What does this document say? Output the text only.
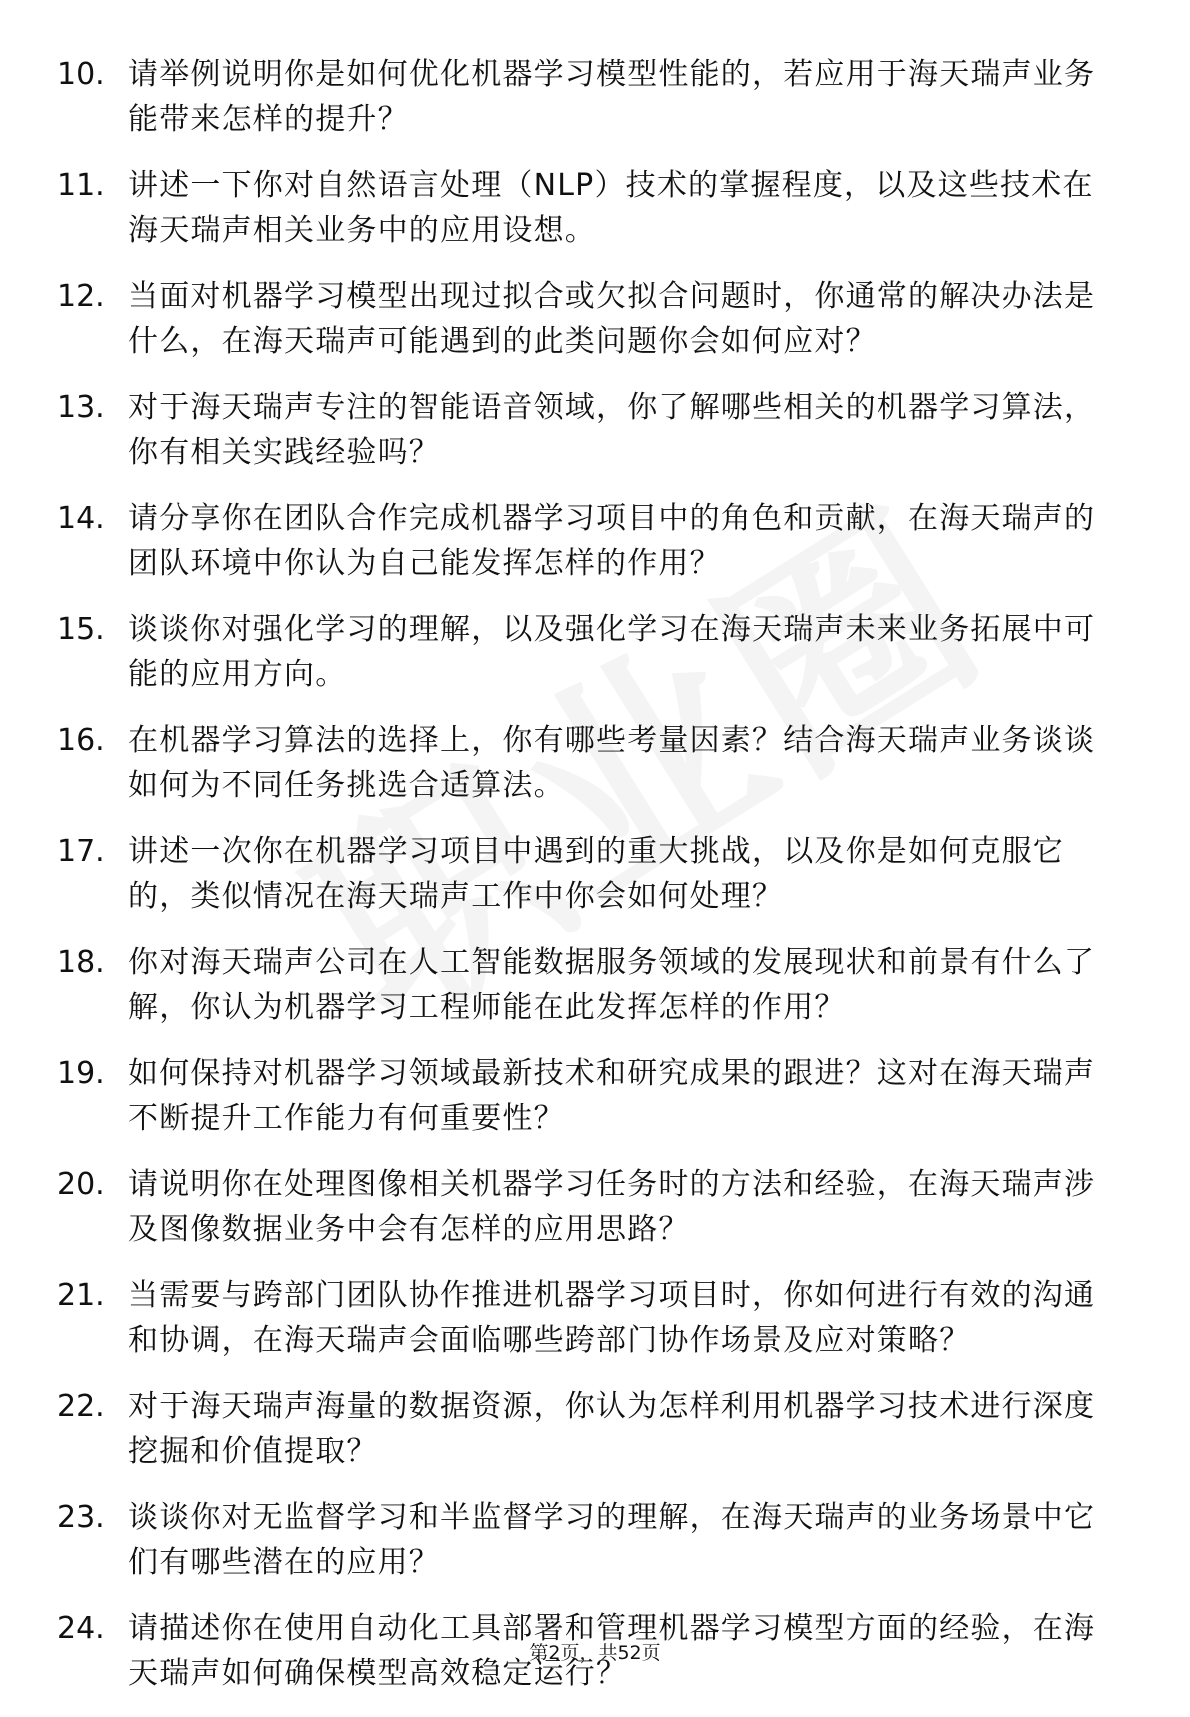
10. 请举例说明你是如何优化机器学习模型性能的，若应用于海天瑞声业务能带来怎样的提升？
11. 讲述一下你对自然语言处理（NLP）技术的掌握程度，以及这些技术在海天瑞声相关业务中的应用设想。
12. 当面对机器学习模型出现过拟合或欠拟合问题时，你通常的解决办法是什么，在海天瑞声可能遇到的此类问题你会如何应对？
13. 对于海天瑞声专注的智能语音领域，你了解哪些相关的机器学习算法，你有相关实践经验吗？
14. 请分享你在团队合作完成机器学习项目中的角色和贡献，在海天瑞声的团队环境中你认为自己能发挥怎样的作用？
15. 谈谈你对强化学习的理解，以及强化学习在海天瑞声未来业务拓展中可能的应用方向。
16. 在机器学习算法的选择上，你有哪些考量因素？结合海天瑞声业务谈谈如何为不同任务挑选合适算法。
17. 讲述一次你在机器学习项目中遇到的重大挑战，以及你是如何克服它的，类似情况在海天瑞声工作中你会如何处理？
18. 你对海天瑞声公司在人工智能数据服务领域的发展现状和前景有什么了解，你认为机器学习工程师能在此发挥怎样的作用？
19. 如何保持对机器学习领域最新技术和研究成果的跟进？这对在海天瑞声不断提升工作能力有何重要性？
20. 请说明你在处理图像相关机器学习任务时的方法和经验，在海天瑞声涉及图像数据业务中会有怎样的应用思路？
21. 当需要与跨部门团队协作推进机器学习项目时，你如何进行有效的沟通和协调，在海天瑞声会面临哪些跨部门协作场景及应对策略？
22. 对于海天瑞声海量的数据资源，你认为怎样利用机器学习技术进行深度挖掘和价值提取？
23. 谈谈你对无监督学习和半监督学习的理解，在海天瑞声的业务场景中它们有哪些潜在的应用？
24. 请描述你在使用自动化工具部署和管理机器学习模型方面的经验，在海天瑞声如何确保模型高效稳定运行？
第2页，共52页
